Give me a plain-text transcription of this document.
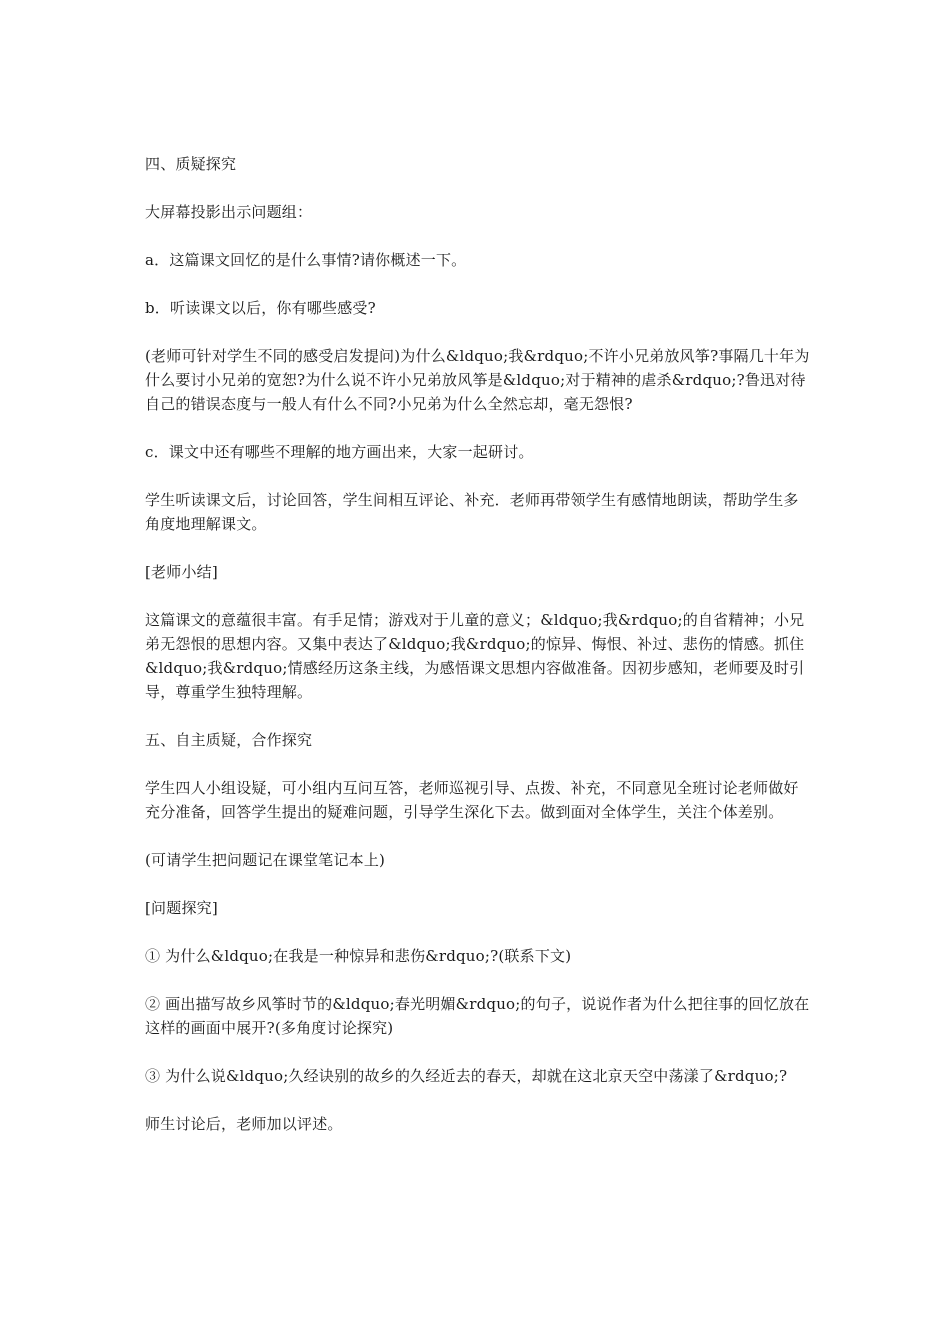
四、质疑探究

大屏幕投影出示问题组：

a．这篇课文回忆的是什么事情?请你概述一下。

b．听读课文以后，你有哪些感受?

(老师可针对学生不同的感受启发提问)为什么&ldquo;我&rdquo;不许小兄弟放风筝?事隔几十年为什么要讨小兄弟的宽恕?为什么说不许小兄弟放风筝是&ldquo;对于精神的虐杀&rdquo;?鲁迅对待自己的错误态度与一般人有什么不同?小兄弟为什么全然忘却，毫无怨恨?

c．课文中还有哪些不理解的地方画出来，大家一起研讨。

学生听读课文后，讨论回答，学生间相互评论、补充．老师再带领学生有感情地朗读，帮助学生多角度地理解课文。

[老师小结]

这篇课文的意蕴很丰富。有手足情；游戏对于儿童的意义；&ldquo;我&rdquo;的自省精神；小兄弟无怨恨的思想内容。又集中表达了&ldquo;我&rdquo;的惊异、悔恨、补过、悲伤的情感。抓住&ldquo;我&rdquo;情感经历这条主线，为感悟课文思想内容做准备。因初步感知，老师要及时引导，尊重学生独特理解。

五、自主质疑，合作探究

学生四人小组设疑，可小组内互问互答，老师巡视引导、点拨、补充，不同意见全班讨论老师做好充分准备，回答学生提出的疑难问题，引导学生深化下去。做到面对全体学生，关注个体差别。

(可请学生把问题记在课堂笔记本上)

[问题探究]

① 为什么&ldquo;在我是一种惊异和悲伤&rdquo;?(联系下文)

② 画出描写故乡风筝时节的&ldquo;春光明媚&rdquo;的句子，说说作者为什么把往事的回忆放在这样的画面中展开?(多角度讨论探究)

③ 为什么说&ldquo;久经诀别的故乡的久经近去的春天，却就在这北京天空中荡漾了&rdquo;?

师生讨论后，老师加以评述。
